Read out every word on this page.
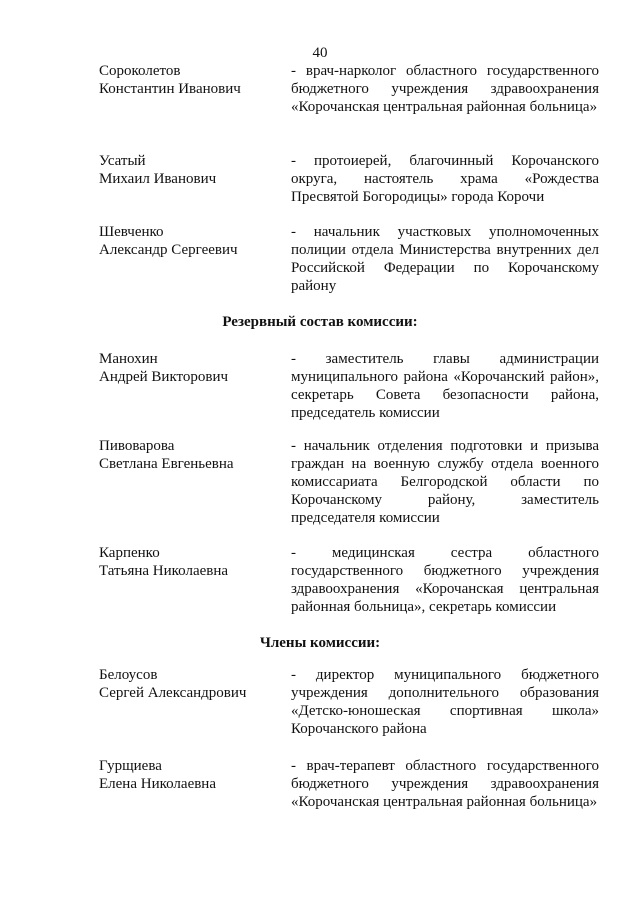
40
Сороколетов
Константин Иванович
- врач-нарколог областного государственного бюджетного учреждения здравоохранения «Корочанская центральная районная больница»
Усатый
Михаил Иванович
- протоиерей, благочинный Корочанского округа, настоятель храма «Рождества Пресвятой Богородицы» города Корочи
Шевченко
Александр Сергеевич
- начальник участковых уполномоченных полиции отдела Министерства внутренних дел Российской Федерации по Корочанскому району
Резервный состав комиссии:
Манохин
Андрей Викторович
- заместитель главы администрации муниципального района «Корочанский район», секретарь Совета безопасности района, председатель комиссии
Пивоварова
Светлана Евгеньевна
- начальник отделения подготовки и призыва граждан на военную службу отдела военного комиссариата Белгородской области по Корочанскому району, заместитель председателя комиссии
Карпенко
Татьяна Николаевна
- медицинская сестра областного государственного бюджетного учреждения здравоохранения «Корочанская центральная районная больница», секретарь комиссии
Члены комиссии:
Белоусов
Сергей Александрович
- директор муниципального бюджетного учреждения дополнительного образования «Детско-юношеская спортивная школа» Корочанского района
Гурщиева
Елена Николаевна
- врач-терапевт областного государственного бюджетного учреждения здравоохранения «Корочанская центральная районная больница»
